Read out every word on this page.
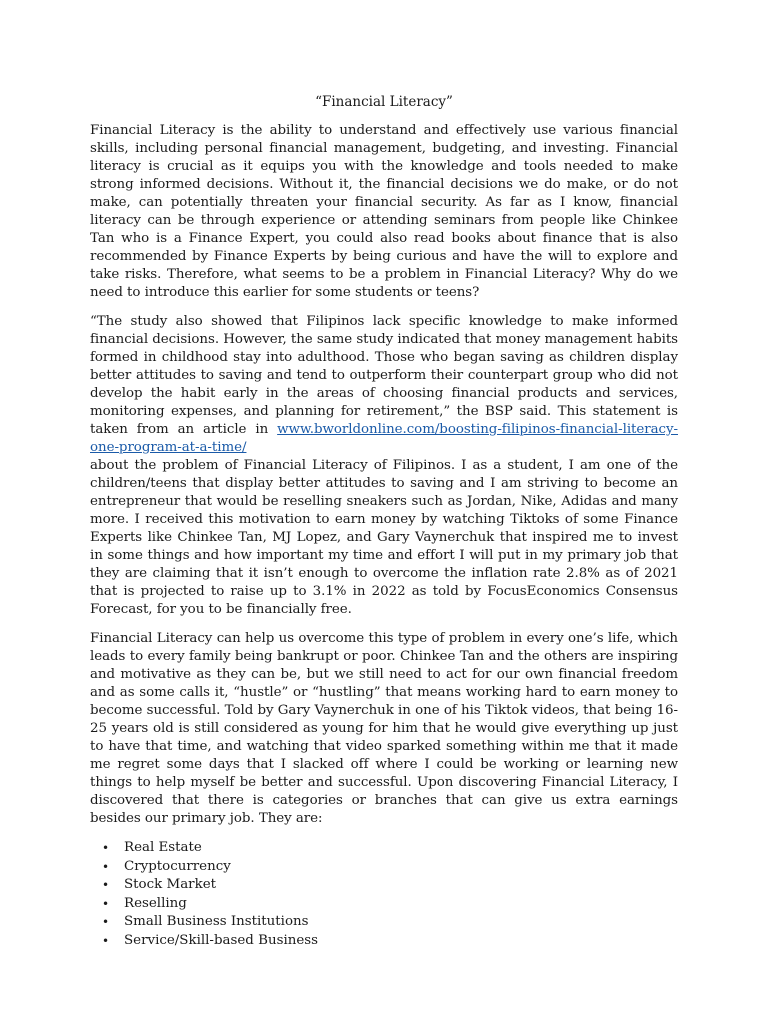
“Financial Literacy”

Financial Literacy is the ability to understand and effectively use various financial skills, including personal financial management, budgeting, and investing. Financial literacy is crucial as it equips you with the knowledge and tools needed to make strong informed decisions. Without it, the financial decisions we do make, or do not make, can potentially threaten your financial security. As far as I know, financial literacy can be through experience or attending seminars from people like Chinkee Tan who is a Finance Expert, you could also read books about finance that is also recommended by Finance Experts by being curious and have the will to explore and take risks. Therefore, what seems to be a problem in Financial Literacy? Why do we need to introduce this earlier for some students or teens?

“The study also showed that Filipinos lack specific knowledge to make informed financial decisions. However, the same study indicated that money management habits formed in childhood stay into adulthood. Those who began saving as children display better attitudes to saving and tend to outperform their counterpart group who did not develop the habit early in the areas of choosing financial products and services, monitoring expenses, and planning for retirement,” the BSP said. This statement is taken from an article in www.bworldonline.com/boosting-filipinos-financial-literacy-one-program-at-a-time/

about the problem of Financial Literacy of Filipinos. I as a student, I am one of the children/teens that display better attitudes to saving and I am striving to become an entrepreneur that would be reselling sneakers such as Jordan, Nike, Adidas and many more. I received this motivation to earn money by watching Tiktoks of some Finance Experts like Chinkee Tan, MJ Lopez, and Gary Vaynerchuk that inspired me to invest in some things and how important my time and effort I will put in my primary job that they are claiming that it isn’t enough to overcome the inflation rate 2.8% as of 2021 that is projected to raise up to 3.1% in 2022 as told by FocusEconomics Consensus Forecast, for you to be financially free.

Financial Literacy can help us overcome this type of problem in every one’s life, which leads to every family being bankrupt or poor. Chinkee Tan and the others are inspiring and motivative as they can be, but we still need to act for our own financial freedom and as some calls it, “hustle” or “hustling” that means working hard to earn money to become successful. Told by Gary Vaynerchuk in one of his Tiktok videos, that being 16-25 years old is still considered as young for him that he would give everything up just to have that time, and watching that video sparked something within me that it made me regret some days that I slacked off where I could be working or learning new things to help myself be better and successful. Upon discovering Financial Literacy, I discovered that there is categories or branches that can give us extra earnings besides our primary job. They are:

•	Real Estate
•	Cryptocurrency
•	Stock Market
•	Reselling
•	Small Business Institutions
•	Service/Skill-based Business
